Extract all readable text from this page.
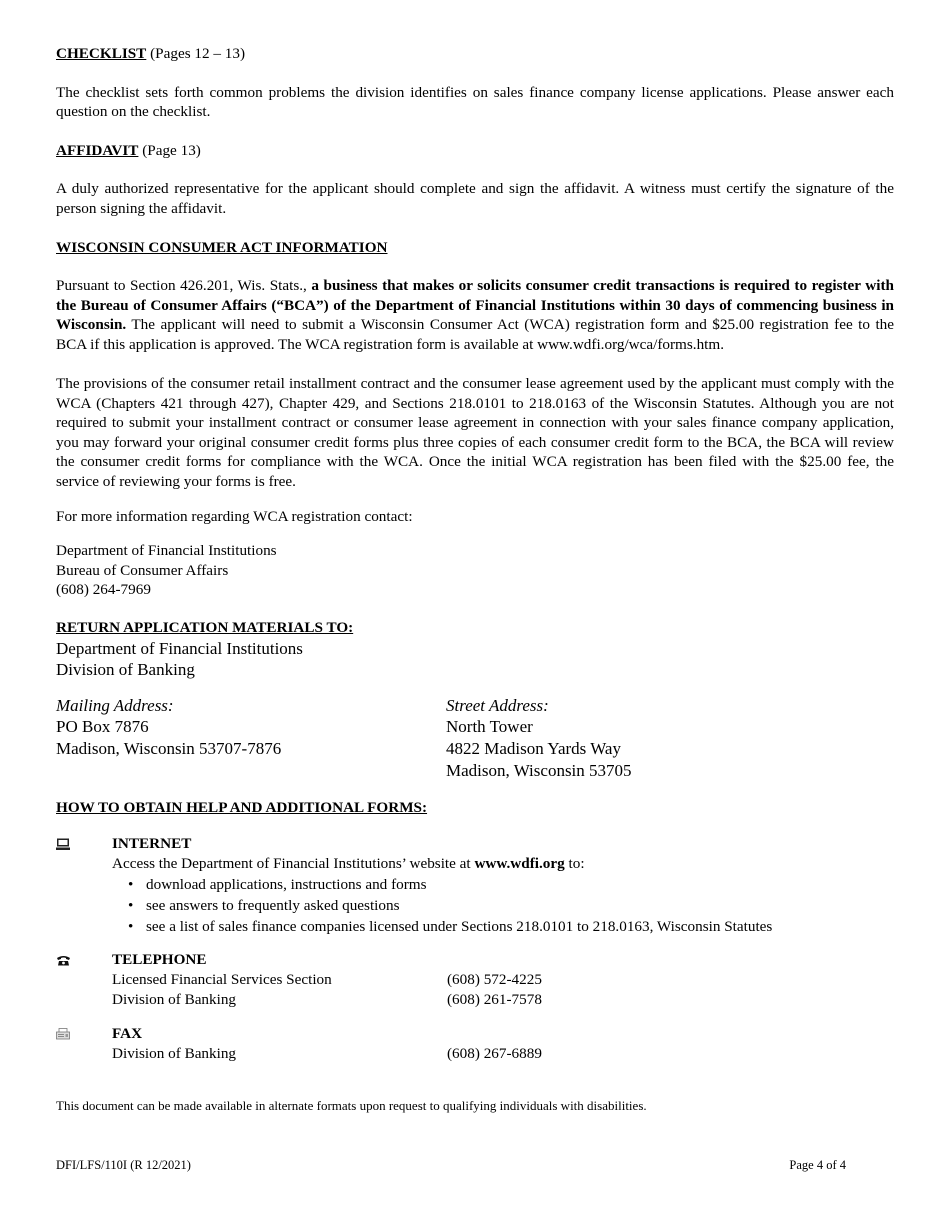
CHECKLIST (Pages 12 – 13)

The checklist sets forth common problems the division identifies on sales finance company license applications. Please answer each question on the checklist.

AFFIDAVIT (Page 13)

A duly authorized representative for the applicant should complete and sign the affidavit. A witness must certify the signature of the person signing the affidavit.

WISCONSIN CONSUMER ACT INFORMATION

Pursuant to Section 426.201, Wis. Stats., a business that makes or solicits consumer credit transactions is required to register with the Bureau of Consumer Affairs (“BCA”) of the Department of Financial Institutions within 30 days of commencing business in Wisconsin. The applicant will need to submit a Wisconsin Consumer Act (WCA) registration form and $25.00 registration fee to the BCA if this application is approved. The WCA registration form is available at www.wdfi.org/wca/forms.htm.

The provisions of the consumer retail installment contract and the consumer lease agreement used by the applicant must comply with the WCA (Chapters 421 through 427), Chapter 429, and Sections 218.0101 to 218.0163 of the Wisconsin Statutes. Although you are not required to submit your installment contract or consumer lease agreement in connection with your sales finance company application, you may forward your original consumer credit forms plus three copies of each consumer credit form to the BCA, the BCA will review the consumer credit forms for compliance with the WCA. Once the initial WCA registration has been filed with the $25.00 fee, the service of reviewing your forms is free.

For more information regarding WCA registration contact:

Department of Financial Institutions

Bureau of Consumer Affairs

(608) 264-7969

RETURN APPLICATION MATERIALS TO:

Department of Financial Institutions
Division of Banking
Mailing Address:
PO Box 7876
Madison, Wisconsin 53707-7876
Street Address:
North Tower
4822 Madison Yards Way
Madison, Wisconsin 53705

HOW TO OBTAIN HELP AND ADDITIONAL FORMS:

INTERNET
Access the Department of Financial Institutions’ website at www.wdfi.org to:
• download applications, instructions and forms
• see answers to frequently asked questions
• see a list of sales finance companies licensed under Sections 218.0101 to 218.0163, Wisconsin Statutes
TELEPHONE
Licensed Financial Services Section	(608) 572-4225
Division of Banking	(608) 261-7578
FAX
Division of Banking	(608) 267-6889

This document can be made available in alternate formats upon request to qualifying individuals with disabilities.

DFI/LFS/110I (R 12/2021)	Page 4 of 4
